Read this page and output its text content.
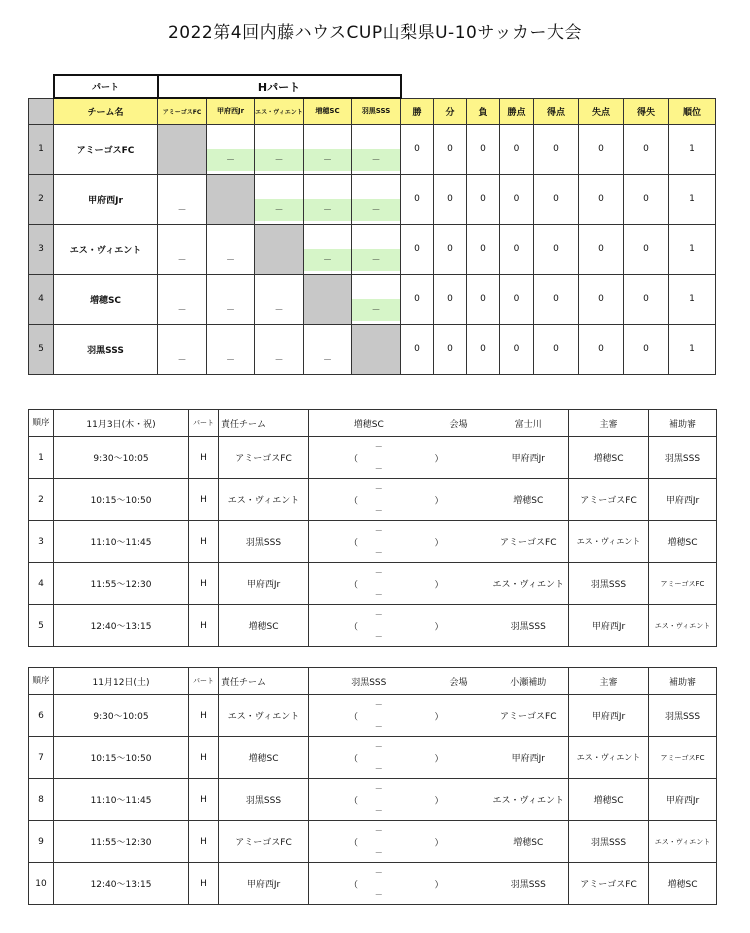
2022第4回内藤ハウスCUP山梨県U-10サッカー大会
	パート	Hパート												
	チーム名	アミーゴスFC	甲府西Jr	エス・ヴィエント	増穂SC	羽黒SSS	勝	分	負	勝点	得点	失点	得失	順位
1	アミーゴスFC		－	－	－	－	0	0	0	0	0	0	0	1
2	甲府西Jr	－		－	－	－	0	0	0	0	0	0	0	1
3	エス・ヴィエント	－	－		－	－	0	0	0	0	0	0	0	1
4	増穂SC	－	－	－		－	0	0	0	0	0	0	0	1
5	羽黒SSS	－	－	－	－		0	0	0	0	0	0	0	1
順序	11月3日(木・祝)	パート	責任チーム	増穂SC	会場	富士川	主審	補助審
1	9:30～10:05	H	アミーゴスFC	（
－
－
）		甲府西Jr	増穂SC	羽黒SSS
2	10:15～10:50	H	エス・ヴィエント	（
－
－
）		増穂SC	アミーゴスFC	甲府西Jr
3	11:10～11:45	H	羽黒SSS	（
－
－
）		アミーゴスFC	エス・ヴィエント	増穂SC
4	11:55～12:30	H	甲府西Jr	（
－
－
）		エス・ヴィエント	羽黒SSS	アミーゴスFC
5	12:40～13:15	H	増穂SC	（
－
－
）		羽黒SSS	甲府西Jr	エス・ヴィエント
順序	11月12日(土)	パート	責任チーム	羽黒SSS	会場	小瀬補助	主審	補助審
6	9:30～10:05	H	エス・ヴィエント	（
－
－
）		アミーゴスFC	甲府西Jr	羽黒SSS
7	10:15～10:50	H	増穂SC	（
－
－
）		甲府西Jr	エス・ヴィエント	アミーゴスFC
8	11:10～11:45	H	羽黒SSS	（
－
－
）		エス・ヴィエント	増穂SC	甲府西Jr
9	11:55～12:30	H	アミーゴスFC	（
－
－
）		増穂SC	羽黒SSS	エス・ヴィエント
10	12:40～13:15	H	甲府西Jr	（
－
－
）		羽黒SSS	アミーゴスFC	増穂SC
